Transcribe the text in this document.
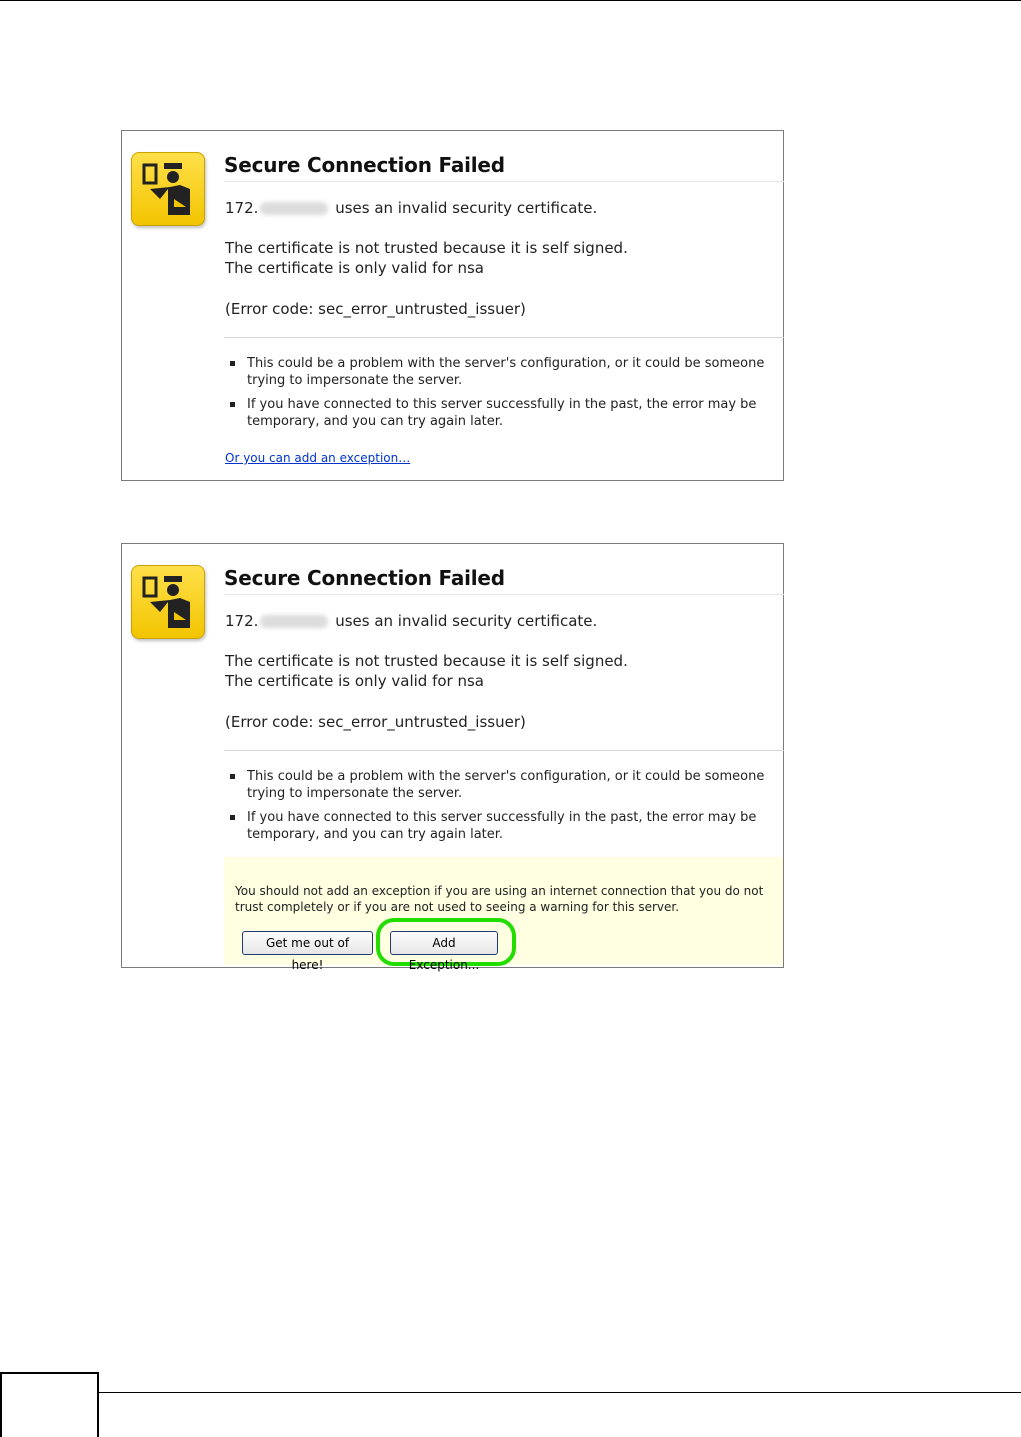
Secure Connection Failed
172.	uses an invalid security certificate.
The certificate is not trusted because it is self signed.
The certificate is only valid for nsa
(Error code: sec_error_untrusted_issuer)
This could be a problem with the server's configuration, or it could be someone trying to impersonate the server.
If you have connected to this server successfully in the past, the error may be temporary, and you can try again later.
Or you can add an exception…
Secure Connection Failed
172.	uses an invalid security certificate.
The certificate is not trusted because it is self signed.
The certificate is only valid for nsa
(Error code: sec_error_untrusted_issuer)
This could be a problem with the server's configuration, or it could be someone trying to impersonate the server.
If you have connected to this server successfully in the past, the error may be temporary, and you can try again later.
You should not add an exception if you are using an internet connection that you do not trust completely or if you are not used to seeing a warning for this server.
Get me out of here!
Add Exception...
